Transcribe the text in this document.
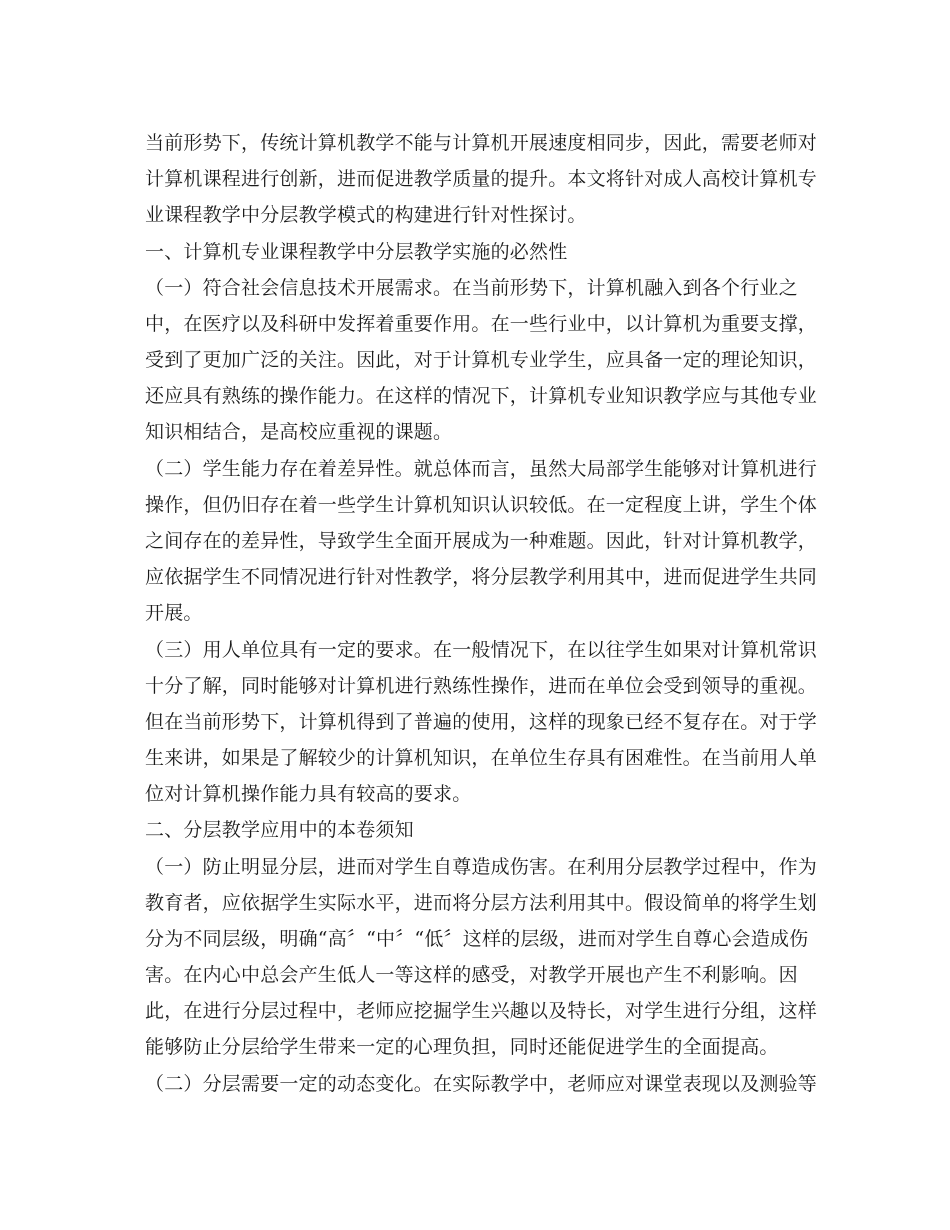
当前形势下，传统计算机教学不能与计算机开展速度相同步，因此，需要老师对
计算机课程进行创新，进而促进教学质量的提升。本文将针对成人高校计算机专
业课程教学中分层教学模式的构建进行针对性探讨。
一、计算机专业课程教学中分层教学实施的必然性
（一）符合社会信息技术开展需求。在当前形势下，计算机融入到各个行业之
中，在医疗以及科研中发挥着重要作用。在一些行业中，以计算机为重要支撑，
受到了更加广泛的关注。因此，对于计算机专业学生，应具备一定的理论知识，
还应具有熟练的操作能力。在这样的情况下，计算机专业知识教学应与其他专业
知识相结合，是高校应重视的课题。
（二）学生能力存在着差异性。就总体而言，虽然大局部学生能够对计算机进行
操作，但仍旧存在着一些学生计算机知识认识较低。在一定程度上讲，学生个体
之间存在的差异性，导致学生全面开展成为一种难题。因此，针对计算机教学，
应依据学生不同情况进行针对性教学，将分层教学利用其中，进而促进学生共同
开展。
（三）用人单位具有一定的要求。在一般情况下，在以往学生如果对计算机常识
十分了解，同时能够对计算机进行熟练性操作，进而在单位会受到领导的重视。
但在当前形势下，计算机得到了普遍的使用，这样的现象已经不复存在。对于学
生来讲，如果是了解较少的计算机知识，在单位生存具有困难性。在当前用人单
位对计算机操作能力具有较高的要求。
二、分层教学应用中的本卷须知
（一）防止明显分层，进而对学生自尊造成伤害。在利用分层教学过程中，作为
教育者，应依据学生实际水平，进而将分层方法利用其中。假设简单的将学生划
分为不同层级，明确“高〞“中〞“低〞这样的层级，进而对学生自尊心会造成伤
害。在内心中总会产生低人一等这样的感受，对教学开展也产生不利影响。因
此，在进行分层过程中，老师应挖掘学生兴趣以及特长，对学生进行分组，这样
能够防止分层给学生带来一定的心理负担，同时还能促进学生的全面提高。
（二）分层需要一定的动态变化。在实际教学中，老师应对课堂表现以及测验等
